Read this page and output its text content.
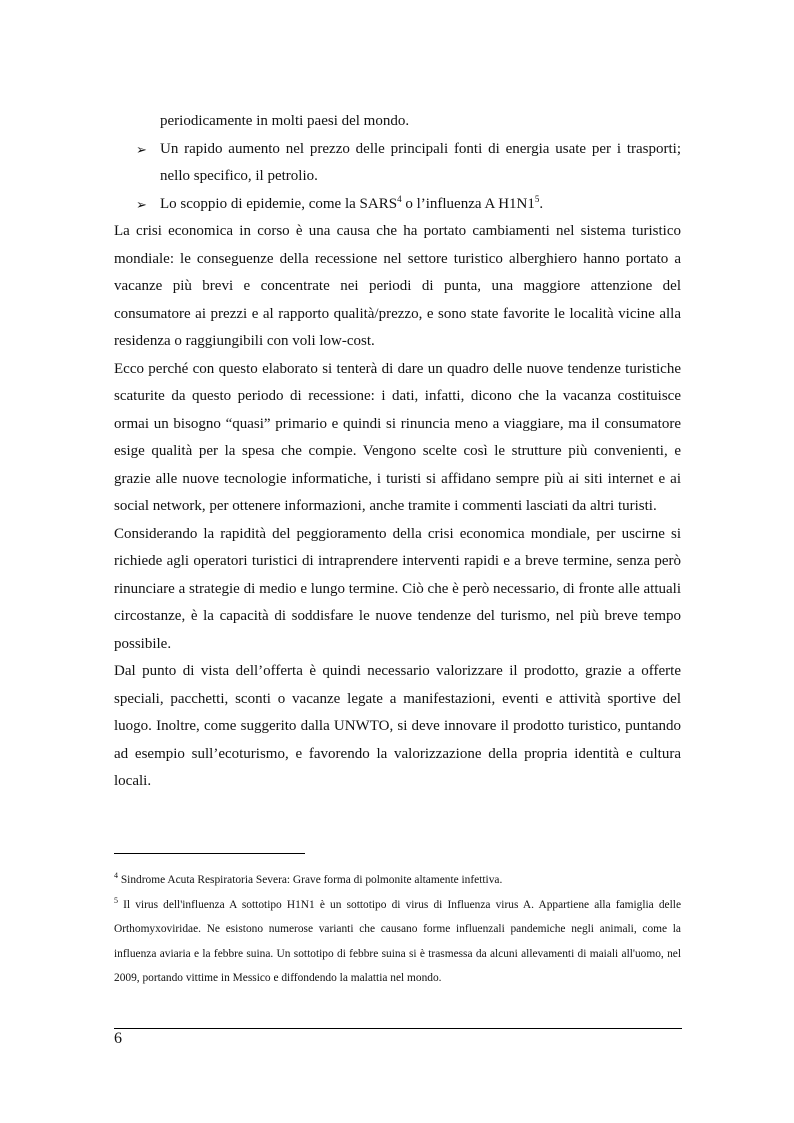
periodicamente in molti paesi del mondo.
➢ Un rapido aumento nel prezzo delle principali fonti di energia usate per i trasporti; nello specifico, il petrolio.
➢ Lo scoppio di epidemie, come la SARS$^4$ o l’influenza A $H1N1^5$.

La crisi economica in corso è una causa che ha portato cambiamenti nel sistema turistico mondiale: le conseguenze della recessione nel settore turistico alberghiero hanno portato a vacanze più brevi e concentrate nei periodi di punta, una maggiore attenzione del consumatore ai prezzi e al rapporto qualità/prezzo, e sono state favorite le località vicine alla residenza o raggiungibili con voli low-cost.

Ecco perché con questo elaborato si tenterà di dare un quadro delle nuove tendenze turistiche scaturite da questo periodo di recessione: i dati, infatti, dicono che la vacanza costituisce ormai un bisogno “quasi” primario e quindi si rinuncia meno a viaggiare, ma il consumatore esige qualità per la spesa che compie. Vengono scelte così le strutture più convenienti, e grazie alle nuove tecnologie informatiche, i turisti si affidano sempre più ai siti internet e ai social network, per ottenere informazioni, anche tramite i commenti lasciati da altri turisti.

Considerando la rapidità del peggioramento della crisi economica mondiale, per uscirne si richiede agli operatori turistici di intraprendere interventi rapidi e a breve termine, senza però rinunciare a strategie di medio e lungo termine. Ciò che è però necessario, di fronte alle attuali circostanze, è la capacità di soddisfare le nuove tendenze del turismo, nel più breve tempo possibile.

Dal punto di vista dell’offerta è quindi necessario valorizzare il prodotto, grazie a offerte speciali, pacchetti, sconti o vacanze legate a manifestazioni, eventi e attività sportive del luogo. Inoltre, come suggerito dalla UNWTO, si deve innovare il prodotto turistico, puntando ad esempio sull’ecoturismo, e favorendo la valorizzazione della propria identità e cultura locali.

$^4$ Sindrome Acuta Respiratoria Severa: Grave forma di polmonite altamente infettiva.

$^5$ Il virus dell'influenza A sottotipo H1N1 è un sottotipo di virus di Influenza virus A. Appartiene alla famiglia delle Orthomyxoviridae. Ne esistono numerose varianti che causano forme influenzali pandemiche negli animali, come la influenza aviaria e la febbre suina. Un sottotipo di febbre suina si è trasmessa da alcuni allevamenti di maiali all'uomo, nel 2009, portando vittime in Messico e diffondendo la malattia nel mondo.

6
